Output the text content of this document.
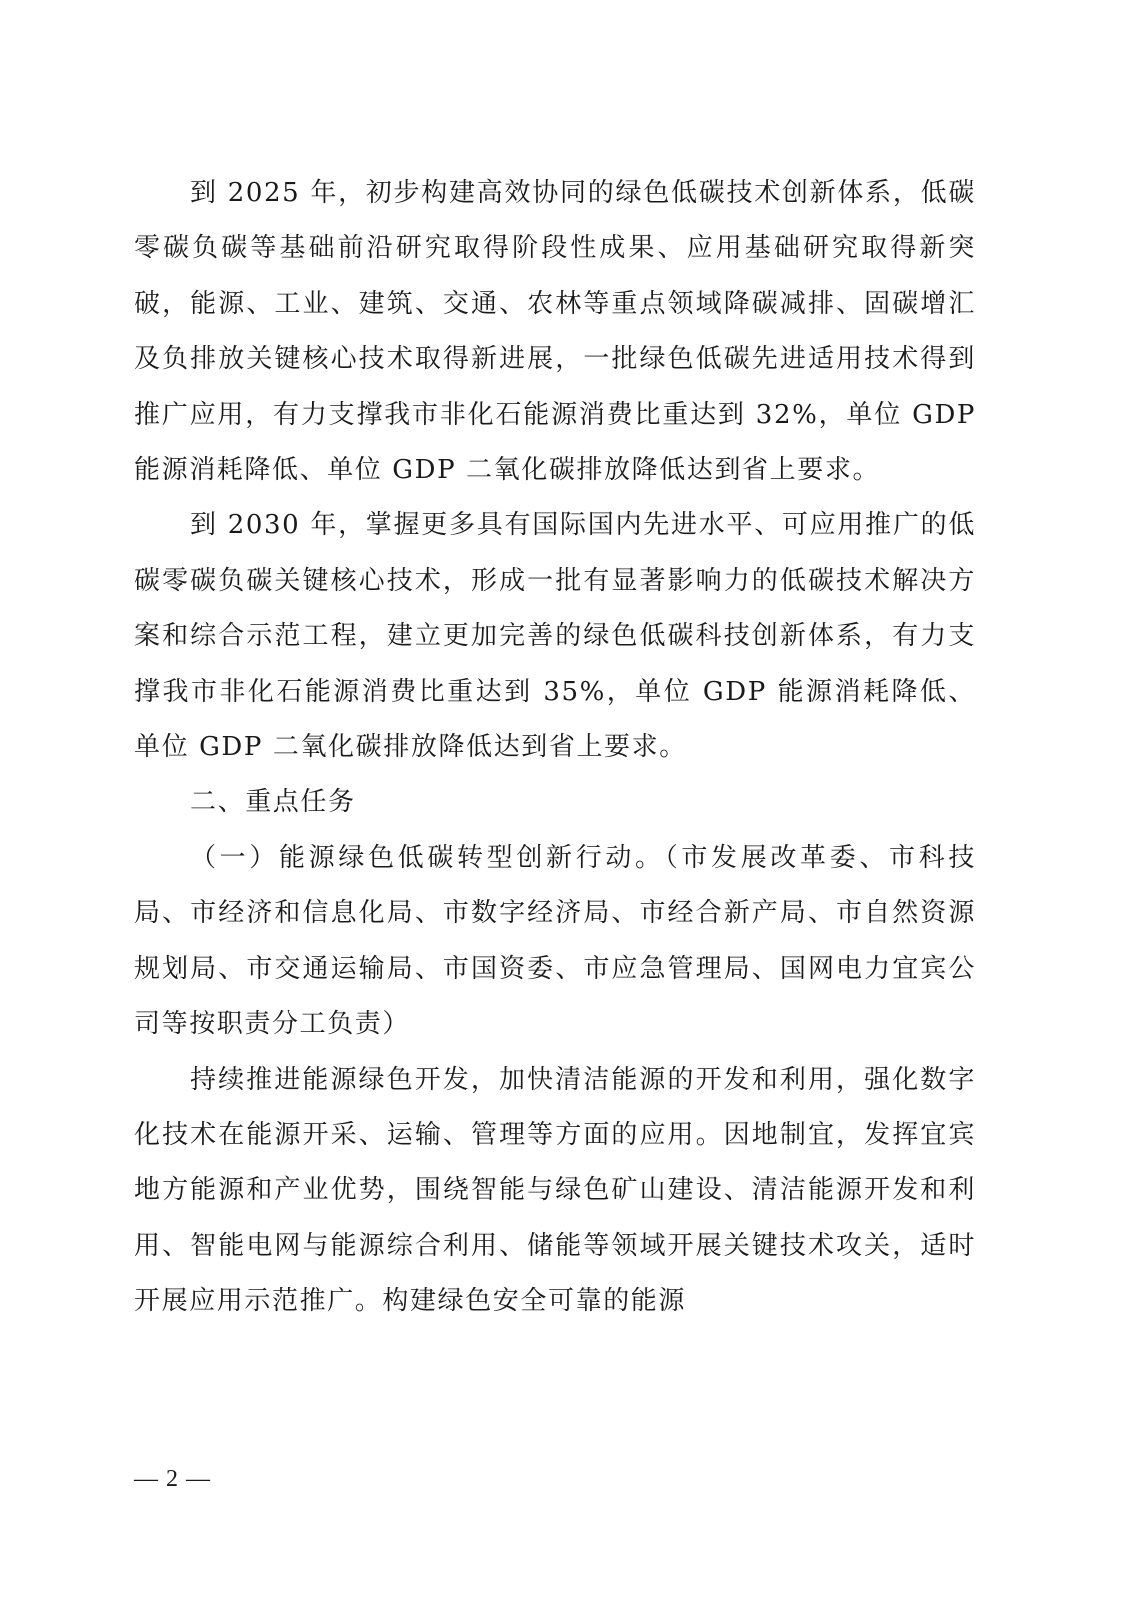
到 2025 年，初步构建高效协同的绿色低碳技术创新体系，低碳零碳负碳等基础前沿研究取得阶段性成果、应用基础研究取得新突破，能源、工业、建筑、交通、农林等重点领域降碳减排、固碳增汇及负排放关键核心技术取得新进展，一批绿色低碳先进适用技术得到推广应用，有力支撑我市非化石能源消费比重达到 32%，单位 GDP 能源消耗降低、单位 GDP 二氧化碳排放降低达到省上要求。

到 2030 年，掌握更多具有国际国内先进水平、可应用推广的低碳零碳负碳关键核心技术，形成一批有显著影响力的低碳技术解决方案和综合示范工程，建立更加完善的绿色低碳科技创新体系，有力支撑我市非化石能源消费比重达到 35%，单位 GDP 能源消耗降低、单位 GDP 二氧化碳排放降低达到省上要求。

二、重点任务

（一）能源绿色低碳转型创新行动。（市发展改革委、市科技局、市经济和信息化局、市数字经济局、市经合新产局、市自然资源规划局、市交通运输局、市国资委、市应急管理局、国网电力宜宾公司等按职责分工负责）

持续推进能源绿色开发，加快清洁能源的开发和利用，强化数字化技术在能源开采、运输、管理等方面的应用。因地制宜，发挥宜宾地方能源和产业优势，围绕智能与绿色矿山建设、清洁能源开发和利用、智能电网与能源综合利用、储能等领域开展关键技术攻关，适时开展应用示范推广。构建绿色安全可靠的能源

— 2 —
